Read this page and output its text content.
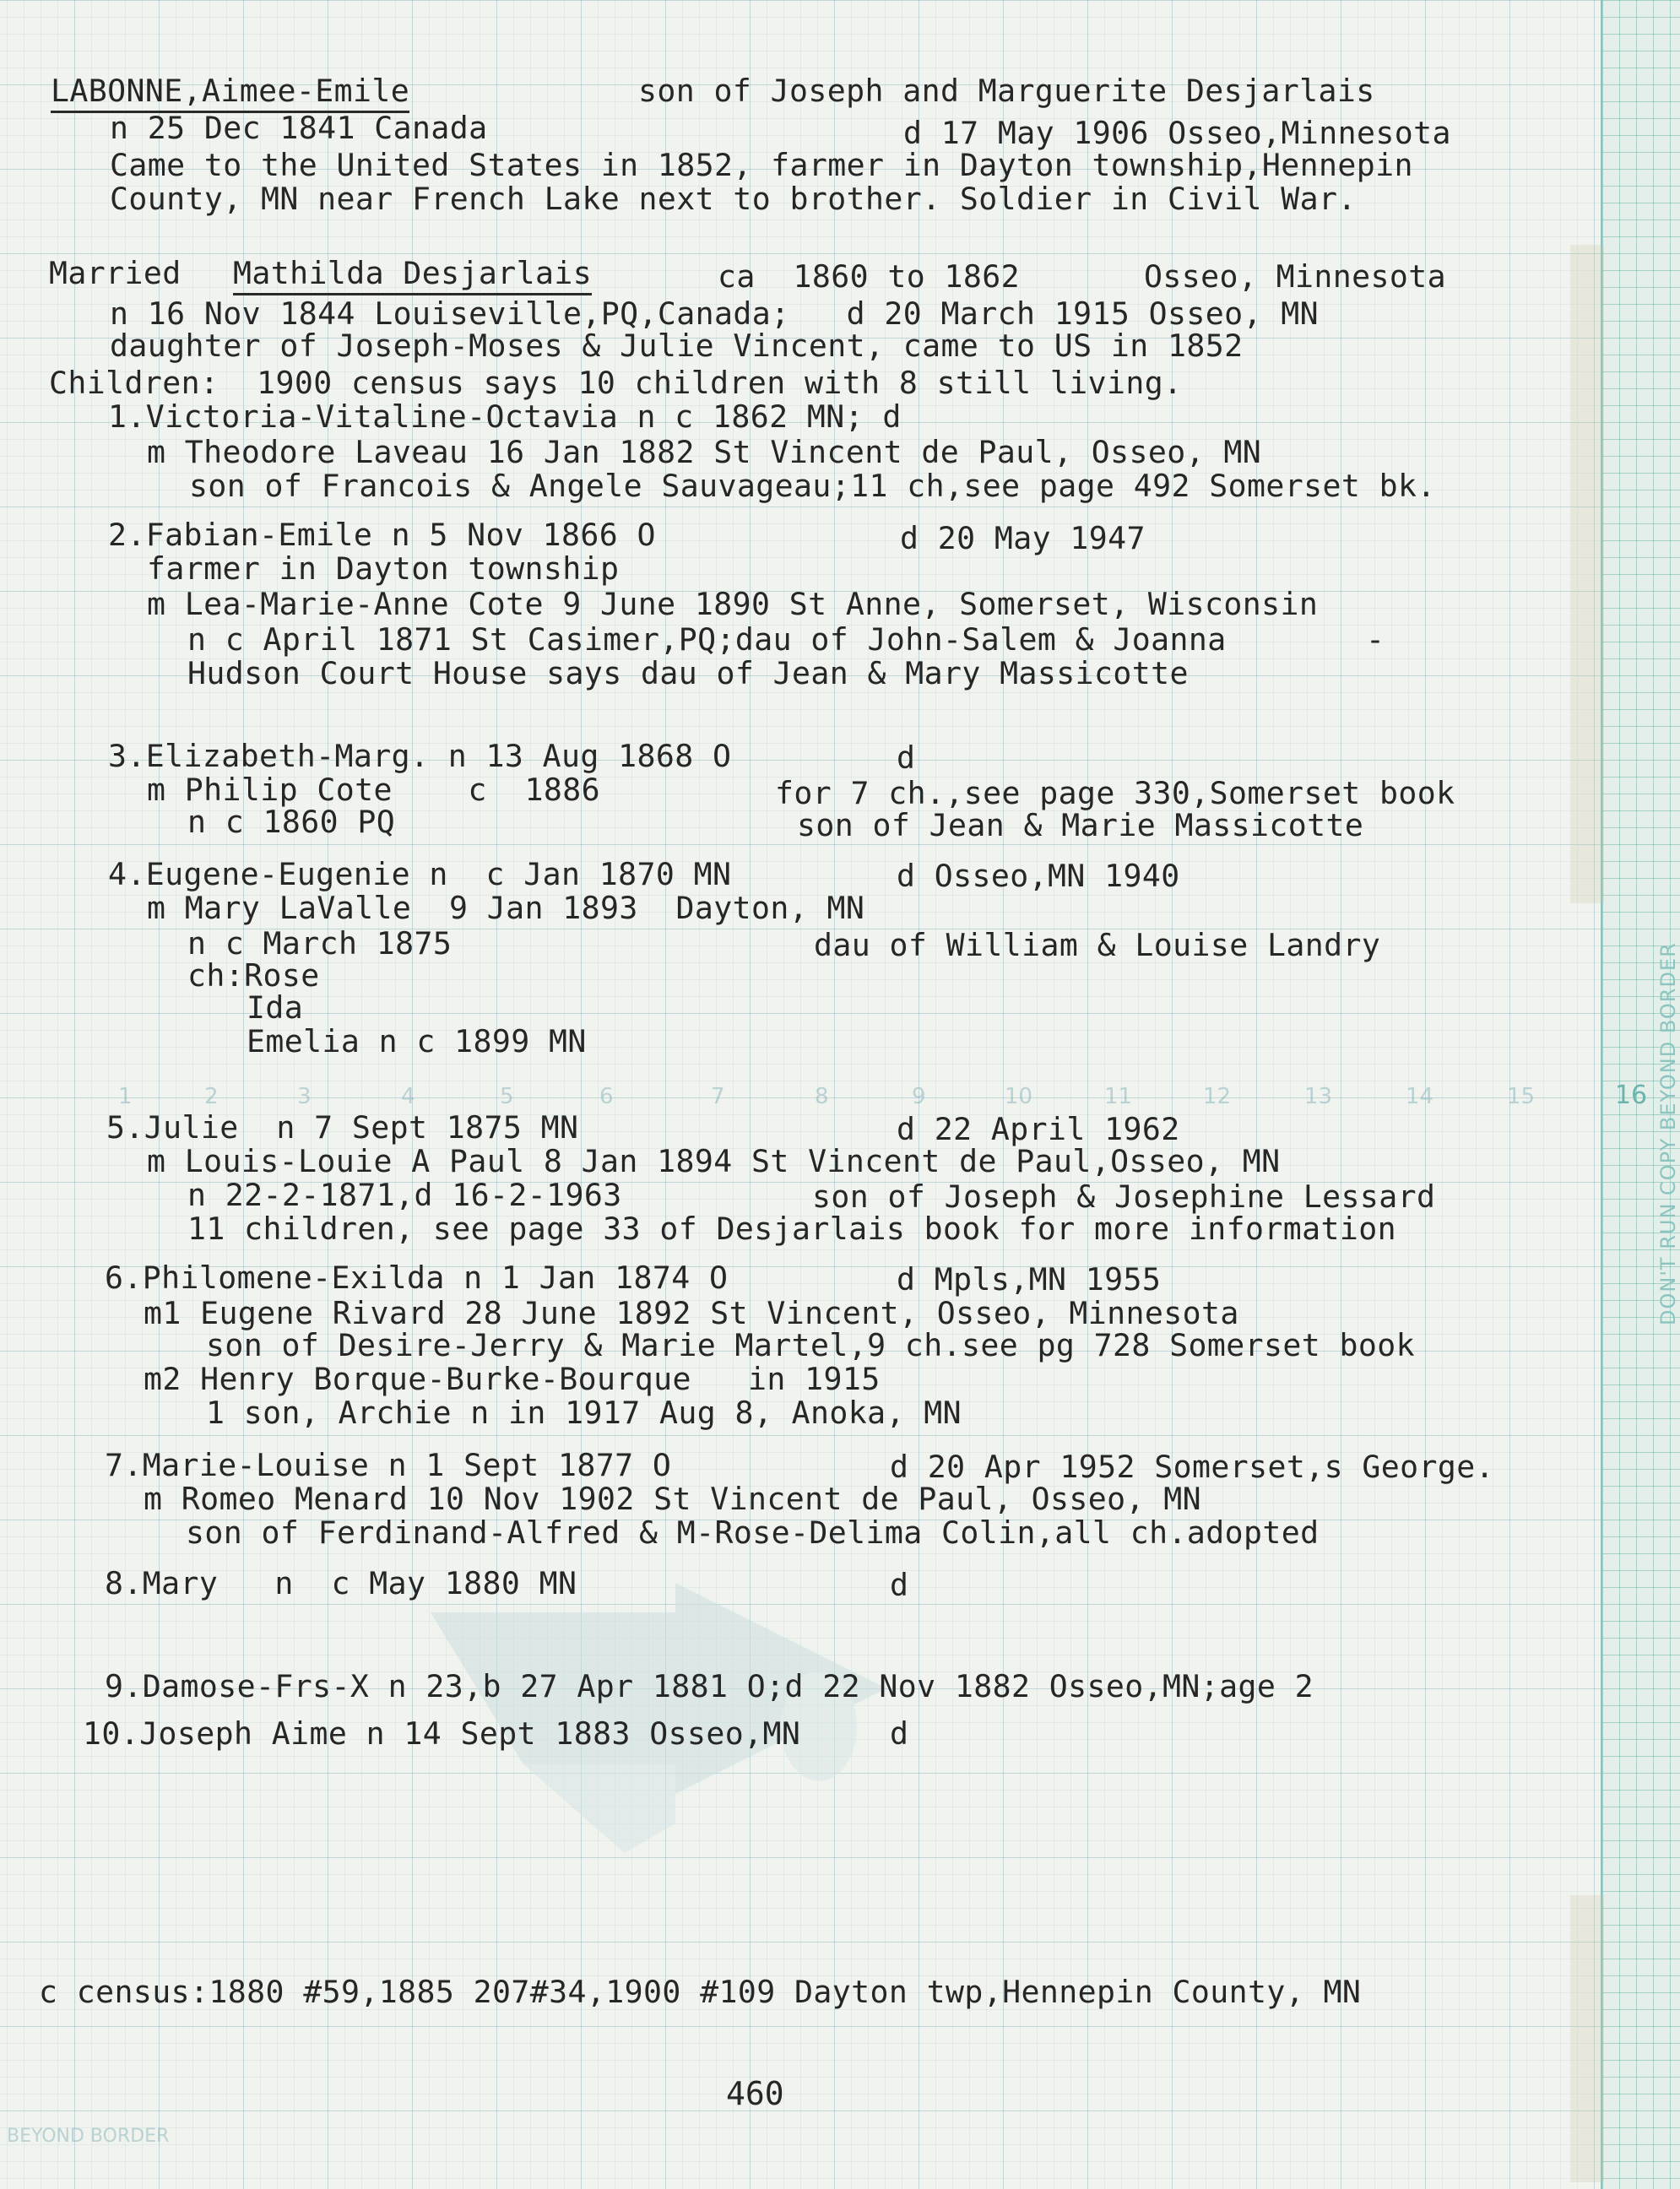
1	2	3	4	5	6	7	8	9	10	11	12	13	14	15	16 DON'T RUN COPY BEYOND BORDER
BEYOND BORDER
LABONNE,Aimee-Emile	son of Joseph and Marguerite Desjarlais
n 25 Dec 1841 Canada	d 17 May 1906 Osseo,Minnesota
Came to the United States in 1852, farmer in Dayton township,Hennepin
County, MN near French Lake next to brother. Soldier in Civil War.
Married Mathilda Desjarlais	ca  1860 to 1862	Osseo, Minnesota
n 16 Nov 1844 Louiseville,PQ,Canada;   d 20 March 1915 Osseo, MN
daughter of Joseph-Moses & Julie Vincent, came to US in 1852
Children:  1900 census says 10 children with 8 still living.
1.Victoria-Vitaline-Octavia n c 1862 MN; d
m Theodore Laveau 16 Jan 1882 St Vincent de Paul, Osseo, MN
son of Francois & Angele Sauvageau;11 ch,see page 492 Somerset bk.
2.Fabian-Emile n 5 Nov 1866 O	d 20 May 1947
farmer in Dayton township
m Lea-Marie-Anne Cote 9 June 1890 St Anne, Somerset, Wisconsin
n c April 1871 St Casimer,PQ;dau of John-Salem & Joanna	-
Hudson Court House says dau of Jean & Mary Massicotte
3.Elizabeth-Marg. n 13 Aug 1868 O	d
m Philip Cote    c  1886	for 7 ch.,see page 330,Somerset book
n c 1860 PQ	son of Jean & Marie Massicotte
4.Eugene-Eugenie n  c Jan 1870 MN	d Osseo,MN 1940
m Mary LaValle  9 Jan 1893  Dayton, MN
n c March 1875	dau of William & Louise Landry
ch:Rose
Ida
Emelia n c 1899 MN
5.Julie  n 7 Sept 1875 MN	d 22 April 1962
m Louis-Louie A Paul 8 Jan 1894 St Vincent de Paul,Osseo, MN
n 22-2-1871,d 16-2-1963	son of Joseph & Josephine Lessard
11 children, see page 33 of Desjarlais book for more information
6.Philomene-Exilda n 1 Jan 1874 O	d Mpls,MN 1955
m1 Eugene Rivard 28 June 1892 St Vincent, Osseo, Minnesota
son of Desire-Jerry & Marie Martel,9 ch.see pg 728 Somerset book
m2 Henry Borque-Burke-Bourque   in 1915
1 son, Archie n in 1917 Aug 8, Anoka, MN
7.Marie-Louise n 1 Sept 1877 O	d 20 Apr 1952 Somerset,s George.
m Romeo Menard 10 Nov 1902 St Vincent de Paul, Osseo, MN
son of Ferdinand-Alfred & M-Rose-Delima Colin,all ch.adopted
8.Mary   n  c May 1880 MN	d
9.Damose-Frs-X n 23,b 27 Apr 1881 O;d 22 Nov 1882 Osseo,MN;age 2
10.Joseph Aime n 14 Sept 1883 Osseo,MN	d
c census:1880 #59,1885 207#34,1900 #109 Dayton twp,Hennepin County, MN
460
